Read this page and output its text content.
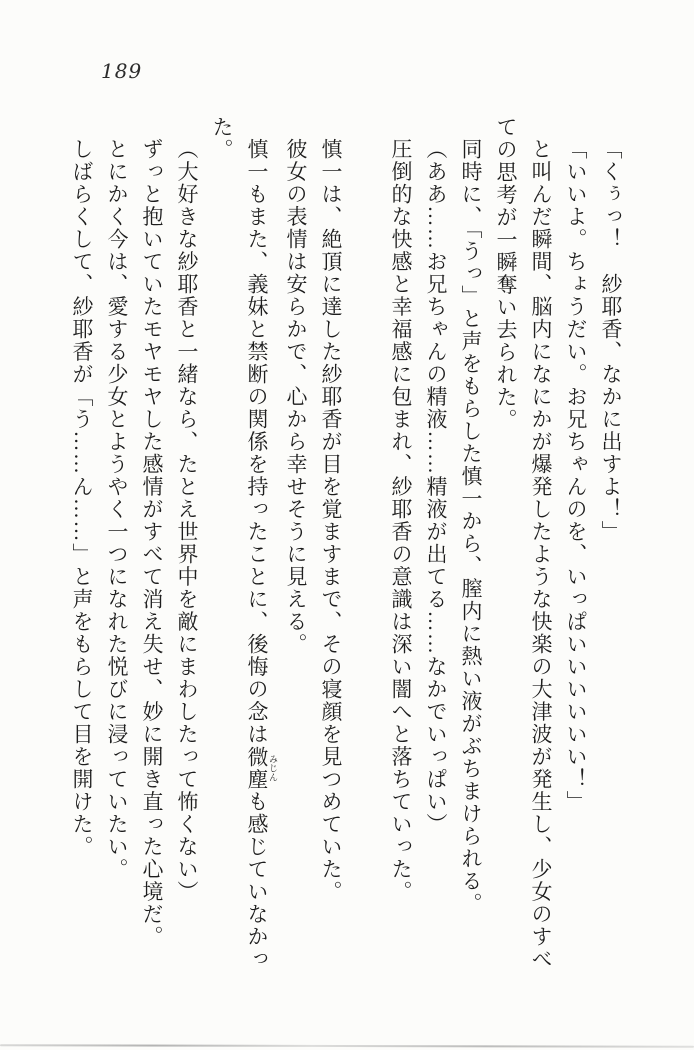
189
「くぅっ！　紗耶香、なかに出すよ！」
「いいよ。ちょうだい。お兄ちゃんのを、いっぱいいいいいい！」
と叫んだ瞬間、脳内になにかが爆発したような快楽の大津波が発生し、少女のすべ
ての思考が一瞬奪い去られた。
同時に、「うっ」と声をもらした慎一から、膣内に熱い液がぶちまけられる。
（ああ……お兄ちゃんの精液……精液が出てる……なかでいっぱい）
圧倒的な快感と幸福感に包まれ、紗耶香の意識は深い闇へと落ちていった。

慎一は、絶頂に達した紗耶香が目を覚ますまで、その寝顔を見つめていた。
彼女の表情は安らかで、心から幸せそうに見える。
慎一もまた、義妹と禁断の関係を持ったことに、後悔の念は微塵 みじんも感じていなかっ
た。
（大好きな紗耶香と一緒なら、たとえ世界中を敵にまわしたって怖くない）
ずっと抱いていたモヤモヤした感情がすべて消え失せ、妙に開き直った心境だ。
とにかく今は、愛する少女とようやく一つになれた悦びに浸っていたい。
しばらくして、紗耶香が「う……ん……」と声をもらして目を開けた。
